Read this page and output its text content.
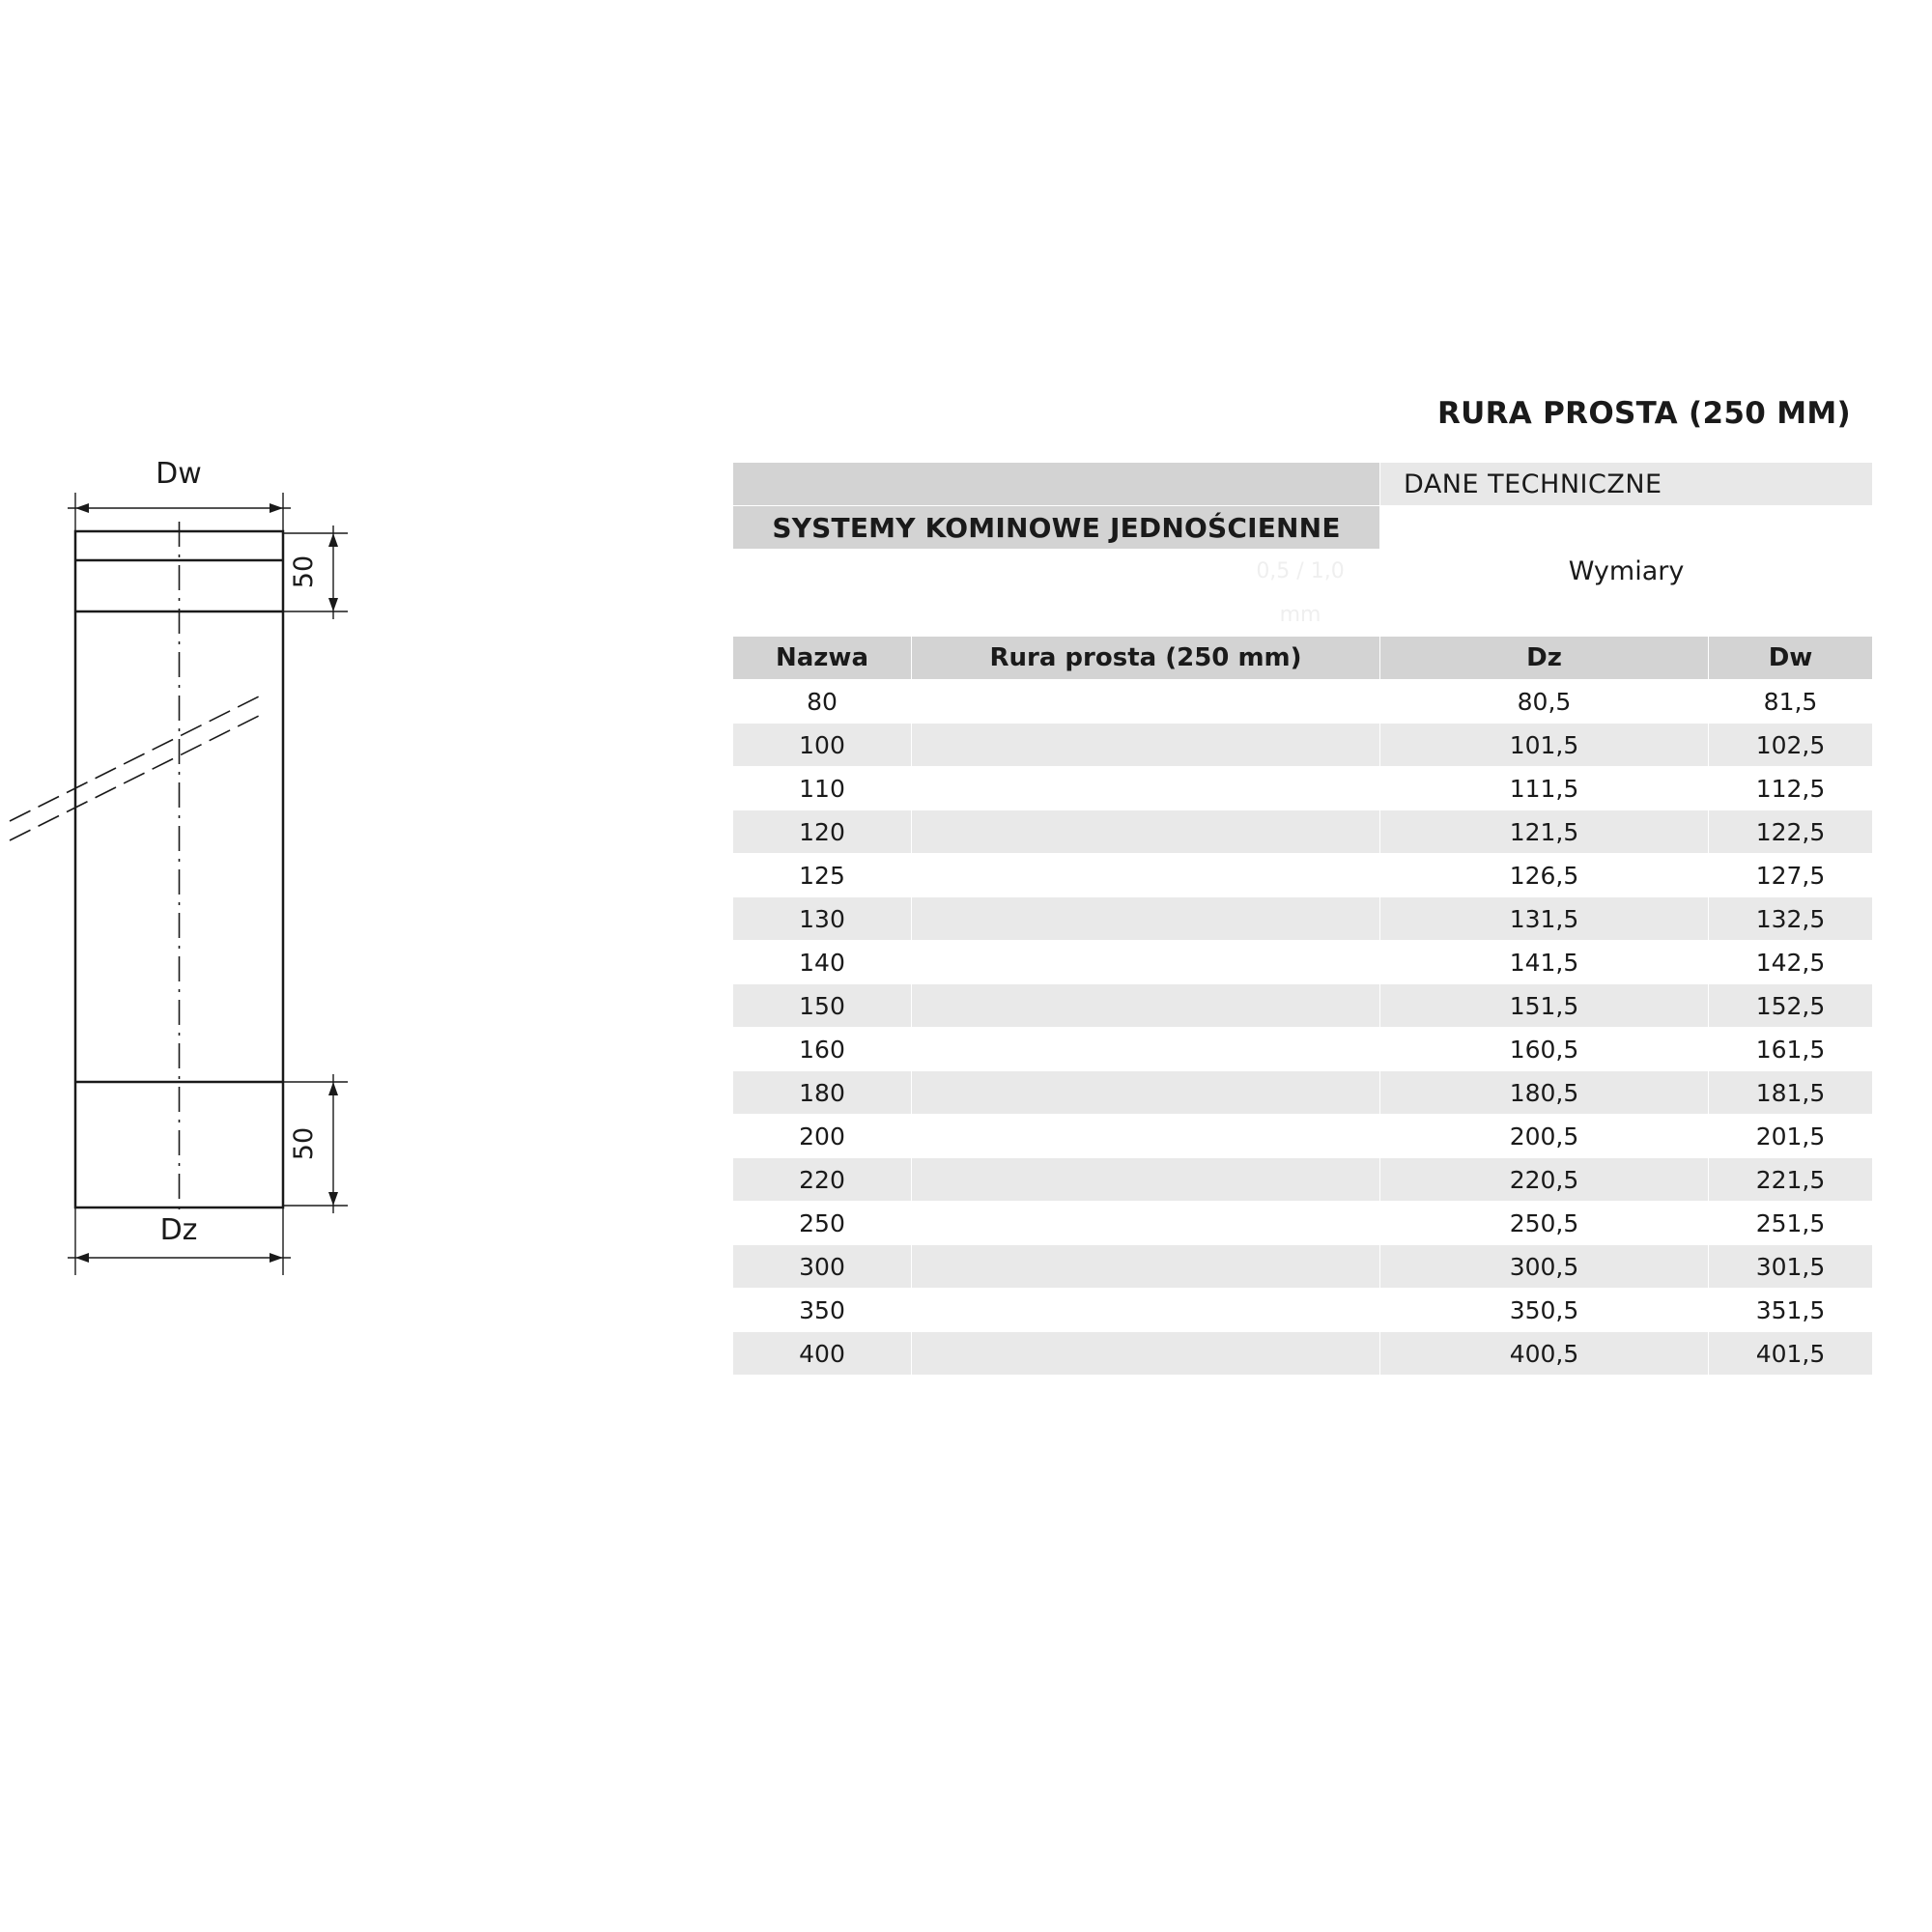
Dw
Dz
50
50
RURA PROSTA (250 MM)

				DANE TECHNICZNE	

SYSTEMY KOMINOWE JEDNOŚCIENNE				Wymiary	

			0,5 / 1,0		
			mm		
Nazwa	Rura prosta (250 mm)			Dz	Dw
80				80,5	81,5
100				101,5	102,5
110				111,5	112,5
120				121,5	122,5
125				126,5	127,5
130				131,5	132,5
140				141,5	142,5
150				151,5	152,5
160				160,5	161,5
180				180,5	181,5
200				200,5	201,5
220				220,5	221,5
250				250,5	251,5
300				300,5	301,5
350				350,5	351,5
400				400,5	401,5
